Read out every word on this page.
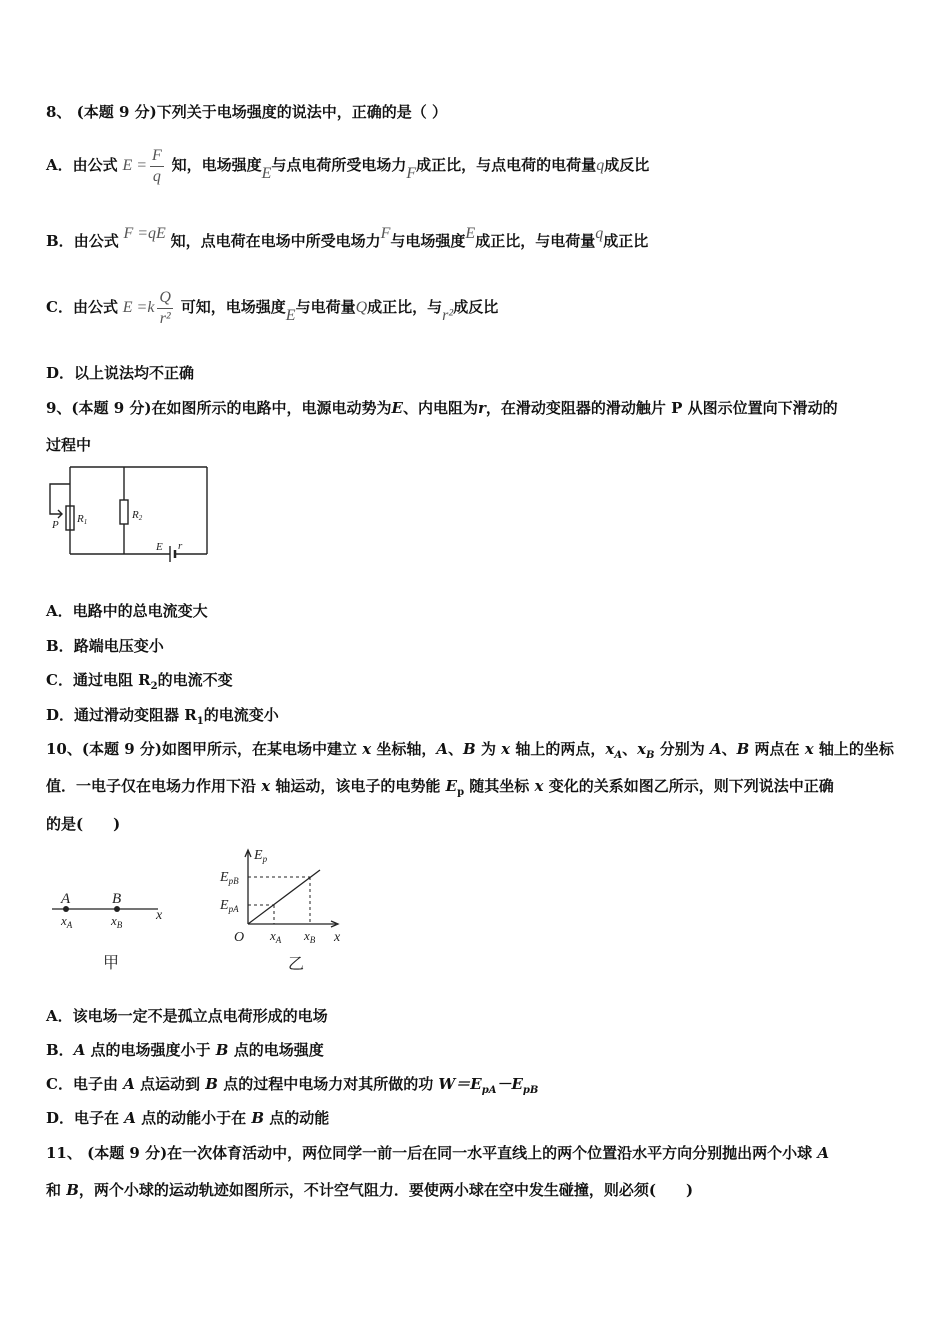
8、 (本题 9 分)下列关于电场强度的说法中，正确的是（ ）
A．由公式 $E = \frac{F}{q}$ 知，电场强度E与点电荷所受电场力F成正比，与点电荷的电荷量q成反比
B．由公式 F =qE 知，点电荷在电场中所受电场力F与电场强度E成正比，与电荷量q成正比
C．由公式 $E =k \frac{Q}{\text{r²}}$ 可知，电场强度E与电荷量Q成正比，与r²成反比
D．以上说法均不正确
9、(本题 9 分)在如图所示的电路中，电源电动势为E、内电阻为r，在滑动变阻器的滑动触片 P 从图示位置向下滑动的
过程中
P R1
R2
E r
A．电路中的总电流变大
B．路端电压变小
C．通过电阻 $R_2$的电流不变
D．通过滑动变阻器 $R_1$的电流变小
10、(本题 9 分)如图甲所示，在某电场中建立 x 坐标轴，A、B 为 x 轴上的两点，$x_A$、$x_B$ 分别为 A、B 两点在 x 轴上的坐标
值．一电子仅在电场力作用下沿 x 轴运动，该电子的电势能 $E_p$ 随其坐标 x 变化的关系如图乙所示，则下列说法中正确
的是(　　)
A	B
$x_A$	$x_B$
x
甲
$E_p$
$E_{pB}$
$E_{pA}$
O $x_A$ $x_B$ x
乙
A．该电场一定不是孤立点电荷形成的电场
B．A 点的电场强度小于 B 点的电场强度
C．电子由 A 点运动到 B 点的过程中电场力对其所做的功 $W=E_{pA}-E_{pB}$
D．电子在 A 点的动能小于在 B 点的动能
11、 (本题 9 分)在一次体育活动中，两位同学一前一后在同一水平直线上的两个位置沿水平方向分别抛出两个小球 A
和 B，两个小球的运动轨迹如图所示，不计空气阻力．要使两小球在空中发生碰撞，则必须(　　)
